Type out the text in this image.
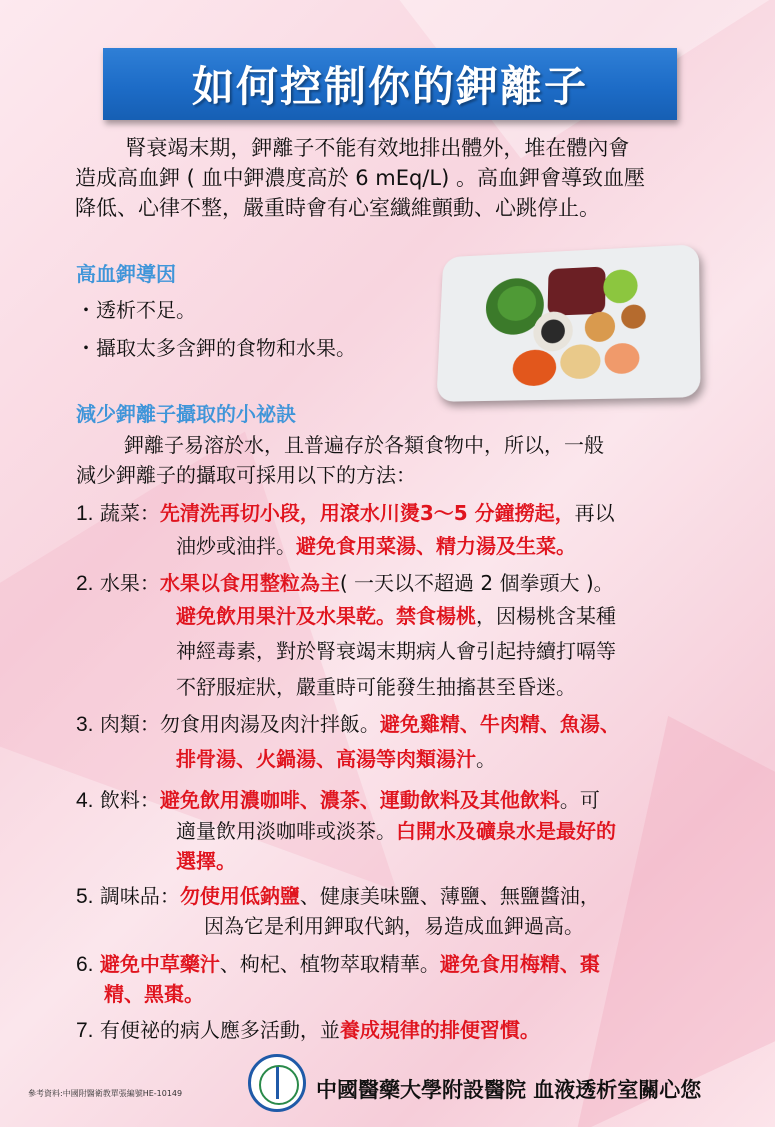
如何控制你的鉀離子

腎衰竭末期，鉀離子不能有效地排出體外，堆在體內會

造成高血鉀 ( 血中鉀濃度高於 6 mEq/L) 。高血鉀會導致血壓

降低、心律不整，嚴重時會有心室纖維顫動、心跳停止。

高血鉀導因
・透析不足。
・攝取太多含鉀的食物和水果。
減少鉀離子攝取的小祕訣
鉀離子易溶於水，且普遍存於各類食物中，所以，一般
減少鉀離子的攝取可採用以下的方法：
1. 蔬菜：先清洗再切小段，用滾水川燙3～5 分鐘撈起，再以
油炒或油拌。避免食用菜湯、精力湯及生菜。
2. 水果：水果以食用整粒為主( 一天以不超過 2 個拳頭大 )。
避免飲用果汁及水果乾。禁食楊桃，因楊桃含某種
神經毒素，對於腎衰竭末期病人會引起持續打嗝等
不舒服症狀，嚴重時可能發生抽搐甚至昏迷。
3. 肉類：勿食用肉湯及肉汁拌飯。避免雞精、牛肉精、魚湯、
排骨湯、火鍋湯、高湯等肉類湯汁。
4. 飲料：避免飲用濃咖啡、濃茶、運動飲料及其他飲料。可
適量飲用淡咖啡或淡茶。白開水及礦泉水是最好的
選擇。
5. 調味品：勿使用低鈉鹽、健康美味鹽、薄鹽、無鹽醬油，
因為它是利用鉀取代鈉，易造成血鉀過高。
6. 避免中草藥汁、枸杞、植物萃取精華。避免食用梅精、棗
精、黑棗。
7. 有便祕的病人應多活動，並養成規律的排便習慣。
參考資料:中國附醫衛教單張編號HE-10149	中國醫藥大學附設醫院 血液透析室關心您
